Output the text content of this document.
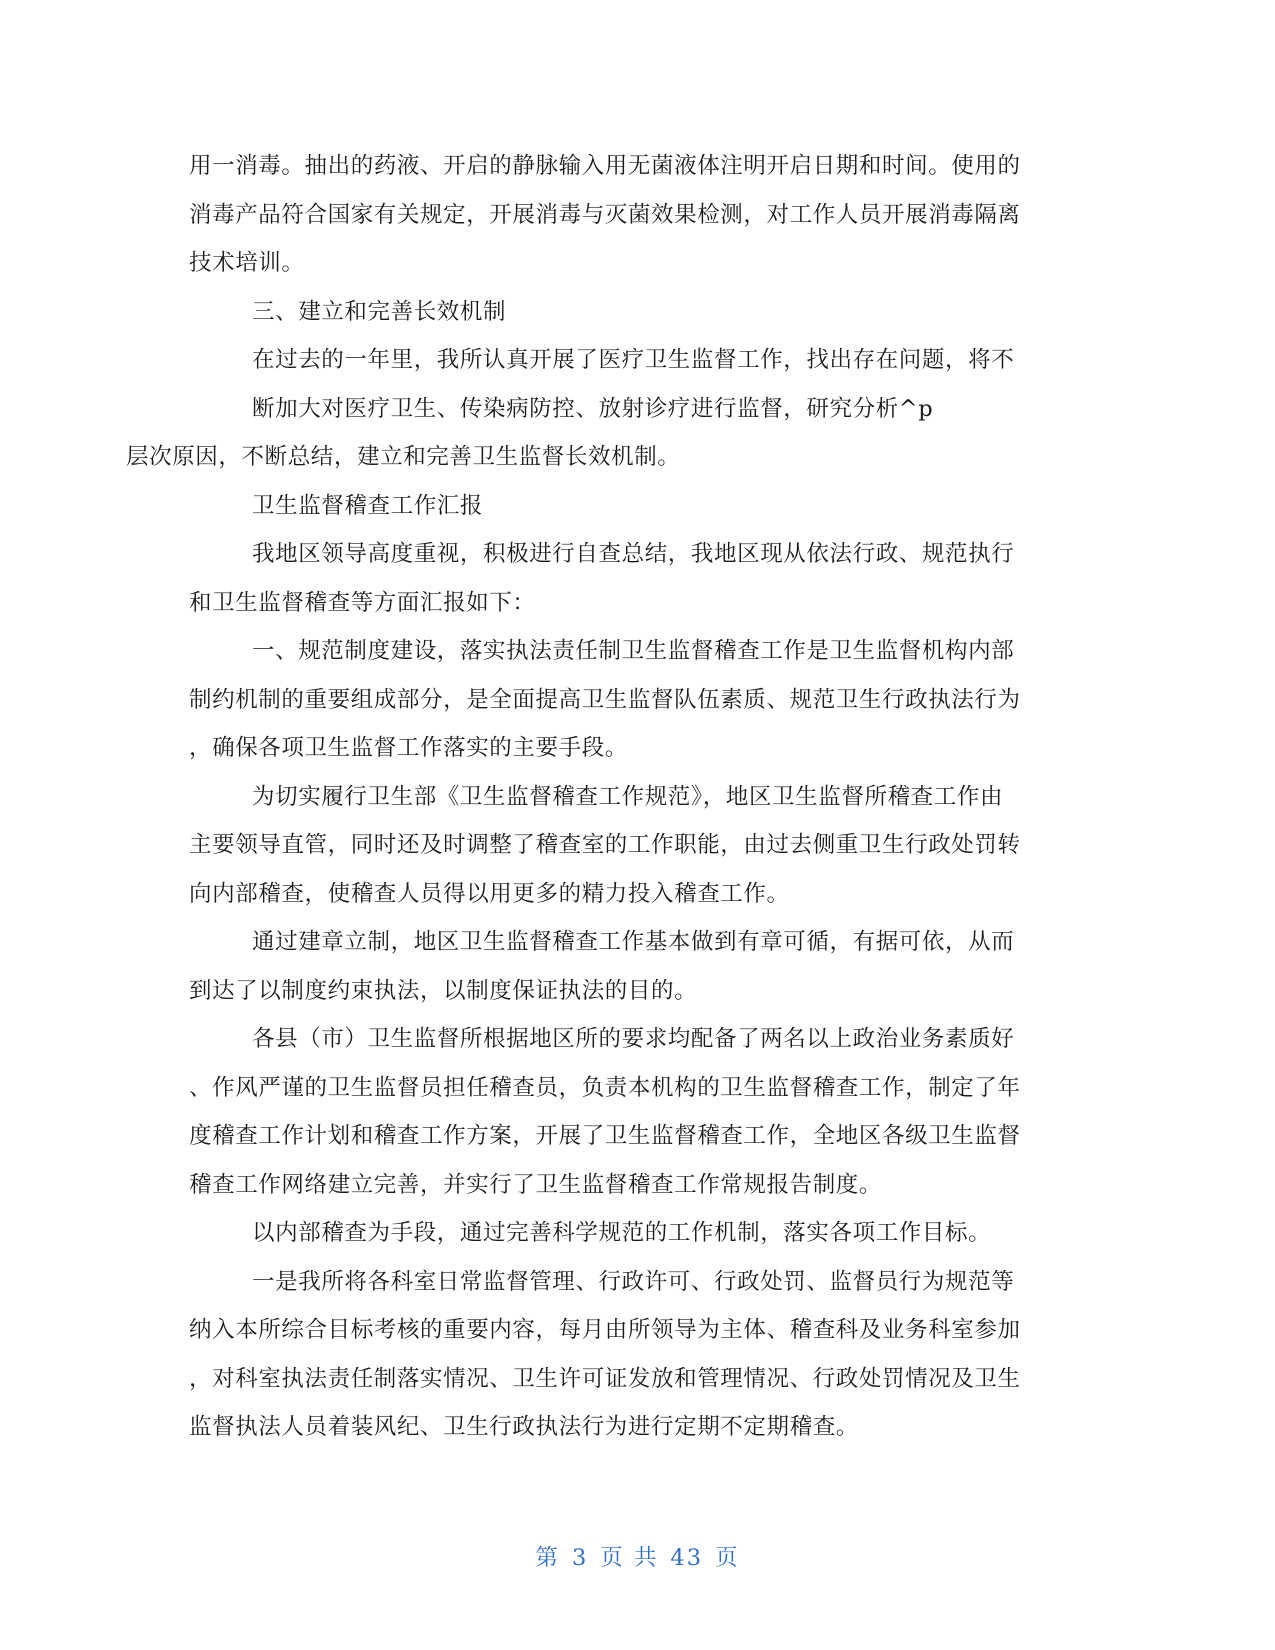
用一消毒。抽出的药液、开启的静脉输入用无菌液体注明开启日期和时间。使用的
消毒产品符合国家有关规定，开展消毒与灭菌效果检测，对工作人员开展消毒隔离
技术培训。

三、建立和完善长效机制

在过去的一年里，我所认真开展了医疗卫生监督工作，找出存在问题，将不
断加大对医疗卫生、传染病防控、放射诊疗进行监督，研究分析^p
层次原因，不断总结，建立和完善卫生监督长效机制。

卫生监督稽查工作汇报

我地区领导高度重视，积极进行自查总结，我地区现从依法行政、规范执行
和卫生监督稽查等方面汇报如下：

一、规范制度建设，落实执法责任制卫生监督稽查工作是卫生监督机构内部
制约机制的重要组成部分，是全面提高卫生监督队伍素质、规范卫生行政执法行为
，确保各项卫生监督工作落实的主要手段。

为切实履行卫生部《卫生监督稽查工作规范》，地区卫生监督所稽查工作由
主要领导直管，同时还及时调整了稽查室的工作职能，由过去侧重卫生行政处罚转
向内部稽查，使稽查人员得以用更多的精力投入稽查工作。

通过建章立制，地区卫生监督稽查工作基本做到有章可循，有据可依，从而
到达了以制度约束执法，以制度保证执法的目的。

各县（市）卫生监督所根据地区所的要求均配备了两名以上政治业务素质好
、作风严谨的卫生监督员担任稽查员，负责本机构的卫生监督稽查工作，制定了年
度稽查工作计划和稽查工作方案，开展了卫生监督稽查工作，全地区各级卫生监督
稽查工作网络建立完善，并实行了卫生监督稽查工作常规报告制度。

以内部稽查为手段，通过完善科学规范的工作机制，落实各项工作目标。

一是我所将各科室日常监督管理、行政许可、行政处罚、监督员行为规范等
纳入本所综合目标考核的重要内容，每月由所领导为主体、稽查科及业务科室参加
，对科室执法责任制落实情况、卫生许可证发放和管理情况、行政处罚情况及卫生
监督执法人员着装风纪、卫生行政执法行为进行定期不定期稽查。

第 3 页 共 43 页
